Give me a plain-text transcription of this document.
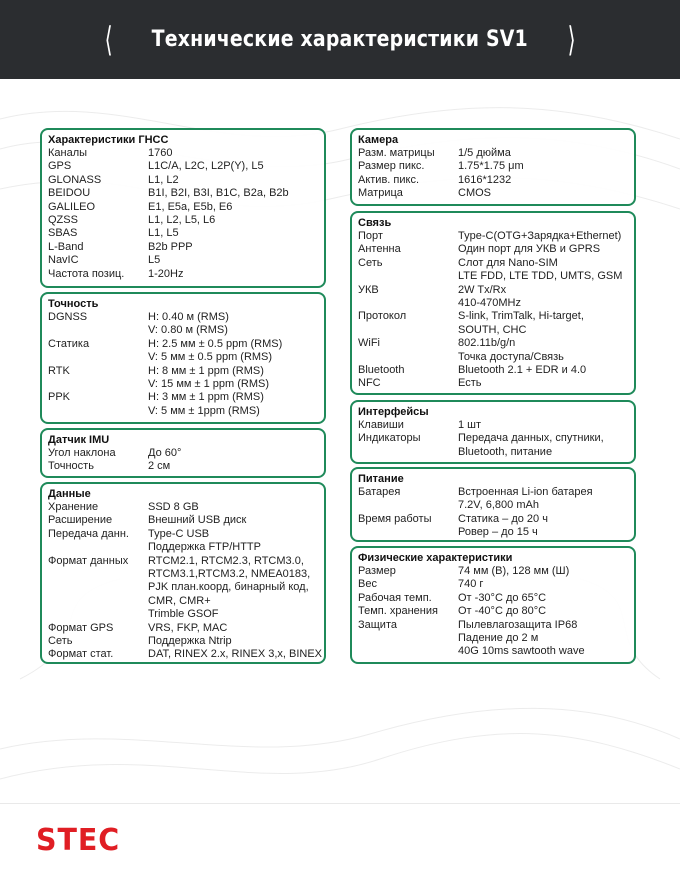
⟨ Технические характеристики SV1 ⟩
Характеристики ГНСС
Каналы	1760
GPS	L1C/A, L2C, L2P(Y), L5
GLONASS	L1, L2
BEIDOU	B1I, B2I, B3I, B1C, B2a, B2b
GALILEO	E1, E5a, E5b, E6
QZSS	L1, L2, L5, L6
SBAS	L1, L5
L-Band	B2b PPP
NavIC	L5
Частота позиц.	1-20Hz
Точность
DGNSS	H: 0.40 м (RMS)
V: 0.80 м (RMS)
Статика	H: 2.5 мм ± 0.5 ppm (RMS)
V: 5 мм ± 0.5 ppm (RMS)
RTK	H: 8 мм ± 1 ppm (RMS)
V: 15 мм ± 1 ppm (RMS)
PPK	H: 3 мм ± 1 ppm (RMS)
V: 5 мм ± 1ppm (RMS)
Датчик IMU
Угол наклона	До 60°
Точность	2 см
Данные
Хранение	SSD 8 GB
Расширение	Внешний USB диск
Передача данн.	Type-C USB
Поддержка FTP/HTTP
Формат данных	RTCM2.1, RTCM2.3, RTCM3.0,
RTCM3.1,RTCM3.2, NMEA0183,
PJK план.коорд, бинарный код,
CMR, CMR+
Trimble GSOF
Формат GPS	VRS, FKP, MAC
Сеть	Поддержка Ntrip
Формат стат.	DAT, RINEX 2.x, RINEX 3,x, BINEX
Камера
Разм. матрицы	1/5 дюйма
Размер пикс.	1.75*1.75 μm
Актив. пикс.	1616*1232
Матрица	CMOS
Связь
Порт	Type-C(OTG+Зарядка+Ethernet)
Антенна	Один порт для УКВ и GPRS
Сеть	Слот для Nano-SIM
LTE FDD, LTE TDD, UMTS, GSM
УКВ	2W Tx/Rx
410-470MHz
Протокол	S-link, TrimTalk, Hi-target,
SOUTH, CHC
WiFi	802.11b/g/n
Точка доступа/Связь
Bluetooth	Bluetooth 2.1 + EDR и 4.0
NFC	Есть
Интерфейсы
Клавиши	1 шт
Индикаторы	Передача данных, спутники,
Bluetooth, питание
Питание
Батарея	Встроенная Li-ion батарея
7.2V, 6,800 mAh
Время работы	Статика – до 20 ч
Ровер – до 15 ч
Физические характеристики
Размер	74 мм (В), 128 мм (Ш)
Вес	740 г
Рабочая темп.	От -30°C до 65°C
Темп. хранения	От -40°C до 80°C
Защита	Пылевлагозащита IP68
Падение до 2 м
40G 10ms sawtooth wave
STEC
